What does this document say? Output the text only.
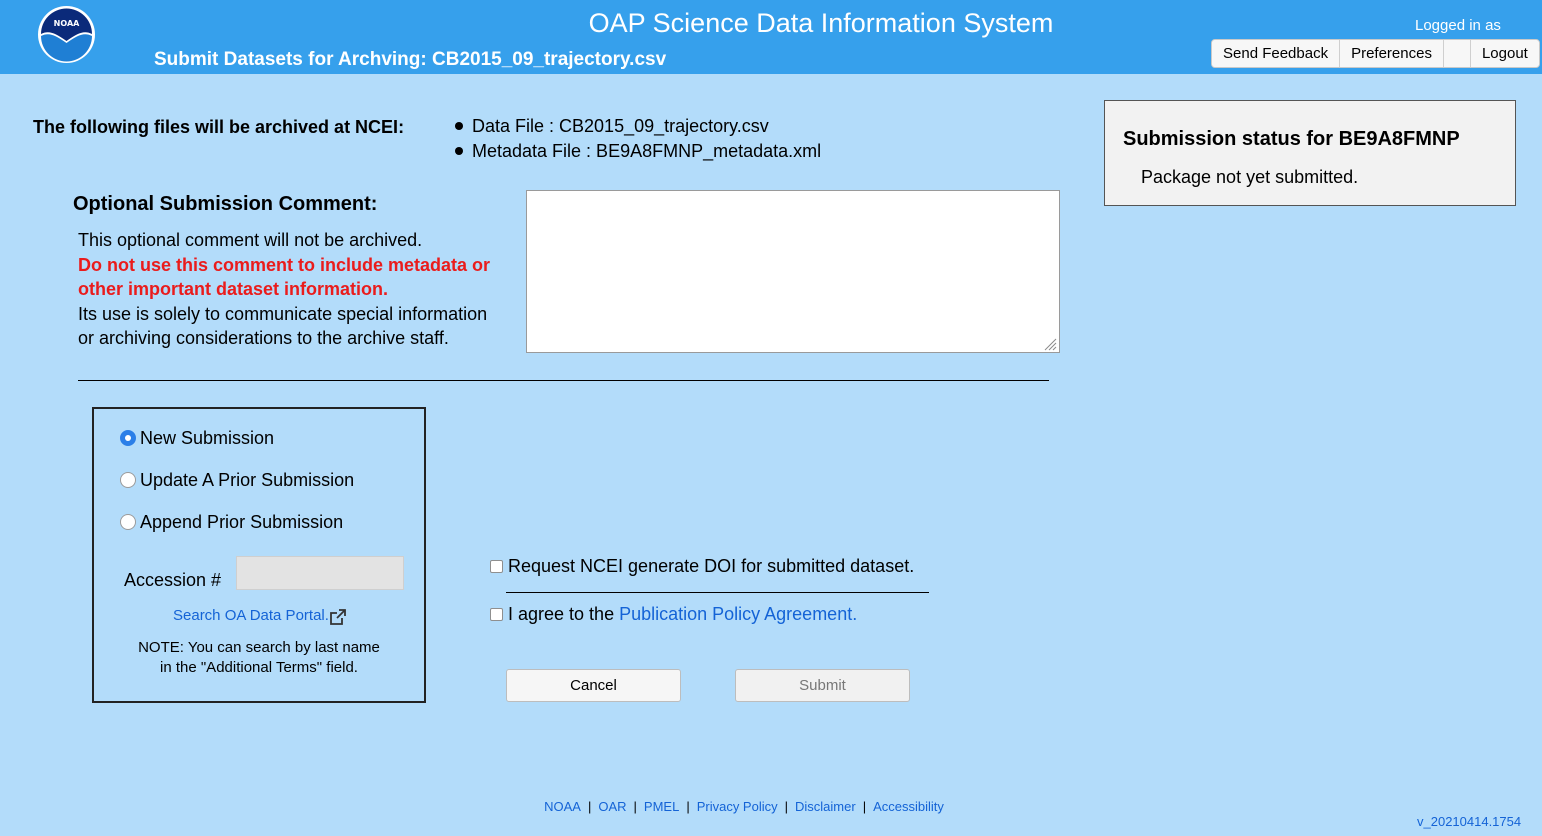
NOAA	OAP Science Data Information System
Submit Datasets for Archving: CB2015_09_trajectory.csv
Logged in as
Send Feedback	Preferences	Logout
The following files will be archived at NCEI:	Data File : CB2015_09_trajectory.csv
Metadata File : BE9A8FMNP_metadata.xml
Optional Submission Comment:
This optional comment will not be archived.
Do not use this comment to include metadata or
other important dataset information.
Its use is solely to communicate special information
or archiving considerations to the archive staff.
Submission status for BE9A8FMNP
Package not yet submitted.
New Submission
Update A Prior Submission
Append Prior Submission
Accession #
Search OA Data Portal.
NOTE: You can search by last name
in the "Additional Terms" field.
Request NCEI generate DOI for submitted dataset.
I agree to the Publication Policy Agreement.
Cancel	Submit
NOAA | OAR | PMEL | Privacy Policy | Disclaimer | Accessibility
v_20210414.1754
